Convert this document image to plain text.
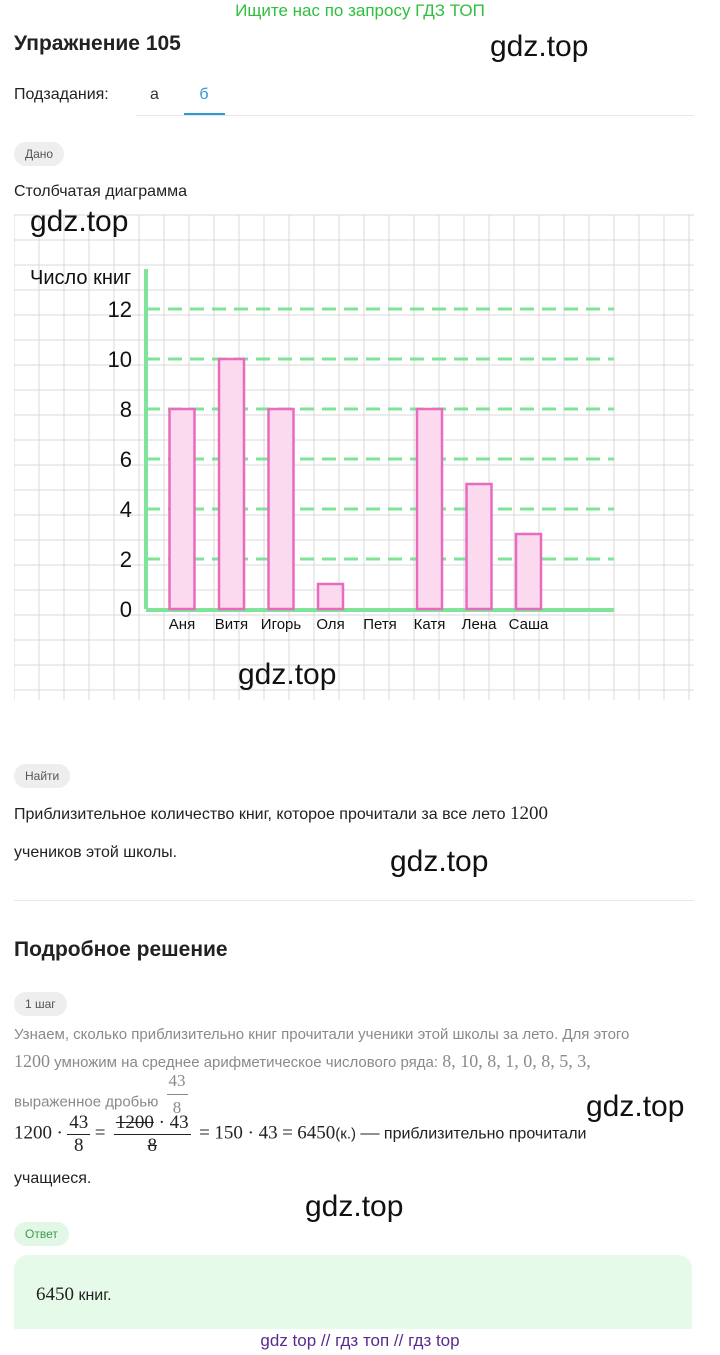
Ищите нас по запросу ГДЗ ТОП
Упражнение 105	gdz.top
Подзадания:	а	б
Дано
Столбчатая диаграмма
0
2
4
6
8
10
12
Аня Витя Игорь Оля Петя Катя Лена Саша
Число книг
gdz.top
gdz.top
Найти
Приблизительное количество книг, которое прочитали за все лето 1200
учеников этой школы.	gdz.top
Подробное решение
1 шаг
Узнаем, сколько приблизительно книг прочитали ученики этой школы за лето. Для этого
1200 умножим на среднее арифметическое числового ряда: 8, 10, 8, 1, 0, 8, 5, 3,
выраженное дробью $\frac{43}{8}$	gdz.top
$1200 \cdot \frac{43}{8} = \frac{1200 \cdot 43}{8} = 150 \cdot 43 = 6450(к.)$ — приблизительно прочитали
учащиеся.
gdz.top
Ответ
6450 книг.
gdz top // гдз топ // гдз top
